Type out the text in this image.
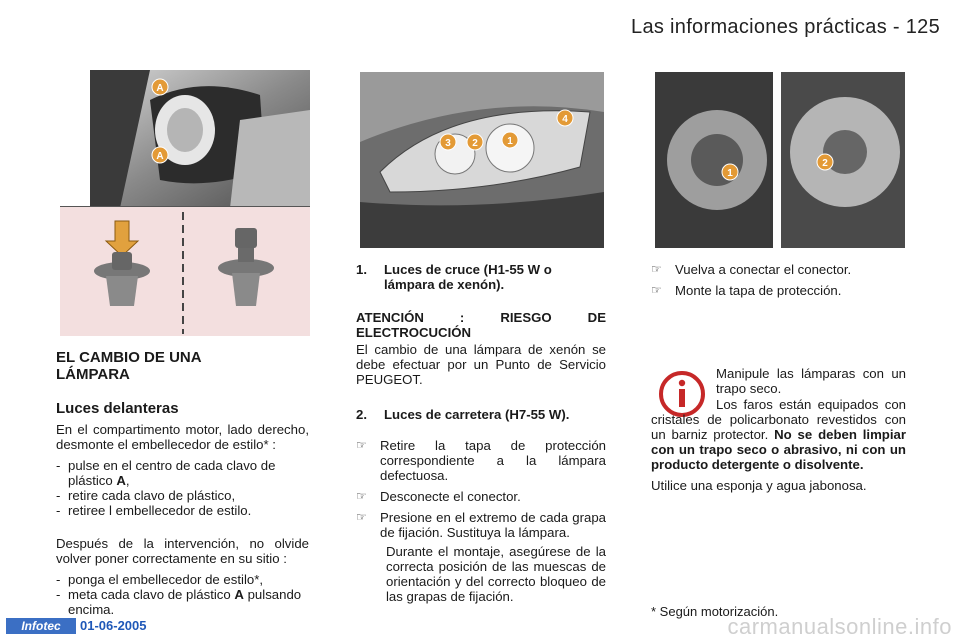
Las informaciones prácticas - 125
A
A

EL CAMBIO DE UNA LÁMPARA

Luces delanteras

En el compartimento motor, lado derecho, desmonte el embellecedor de estilo* :

- pulse en el centro de cada clavo de plástico A,
- retire cada clavo de plástico,
- retiree l embellecedor de estilo.

Después de la intervención, no olvide volver poner correctamente en su sitio :

- ponga el embellecedor de estilo*,
- meta cada clavo de plástico A pulsando encima.
3 2	1
4
1.	Luces de cruce (H1-55 W o lámpara de xenón).

ATENCIÓN : RIESGO DE ELECTROCUCIÓN

El cambio de una lámpara de xenón se debe efectuar por un Punto de Servicio PEUGEOT.

2.	Luces de carretera (H7-55 W).
☞	Retire la tapa de protección correspondiente a la lámpara defectuosa.
☞	Desconecte el conector.
☞	Presione en el extremo de cada grapa de fijación. Sustituya la lámpara.

Durante el montaje, asegúrese de la correcta posición de las muescas de orientación y del correcto bloqueo de las grapas de fijación.

1
2
☞	Vuelva a conectar el conector.
☞	Monte la tapa de protección.

Manipule las lámparas con un trapo seco.

Los faros están equipados con cristales de policarbonato revestidos con un barniz protector. No se deben limpiar con un trapo seco o abrasivo, ni con un producto detergente o disolvente.

Utilice una esponja y agua jabonosa.

* Según motorización.
Infotec	01-06-2005	carmanualsonline.info
